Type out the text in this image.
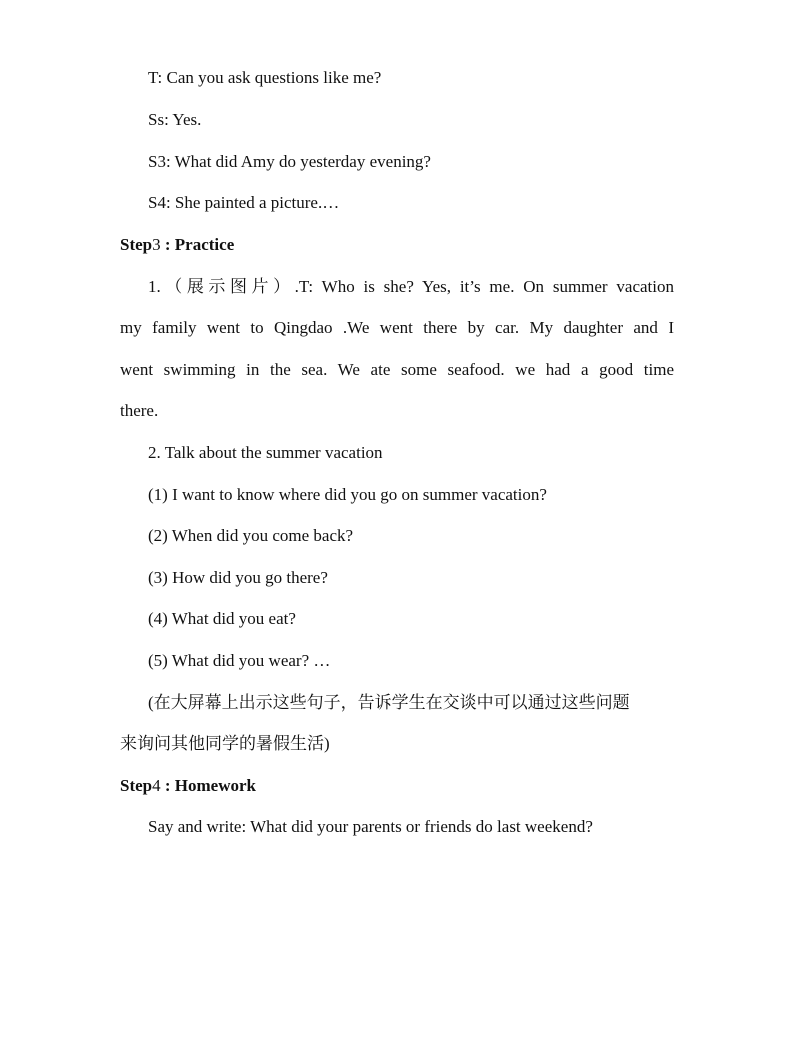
T: Can you ask questions like me?
Ss: Yes.
S3: What did Amy do yesterday evening?
S4: She painted a picture.…
Step3 : Practice
1.（展示图片）.T: Who is she? Yes, it’s me. On summer vacation
my family went to Qingdao .We went there by car. My daughter and I
went swimming in the sea. We ate some seafood. we had a good time
there.
2. Talk about the summer vacation
(1) I want to know where did you go on summer vacation?
(2) When did you come back?
(3) How did you go there?
(4) What did you eat?
(5) What did you wear? …
(在大屏幕上出示这些句子，告诉学生在交谈中可以通过这些问题
来询问其他同学的暑假生活)
Step4 : Homework
Say and write: What did your parents or friends do last weekend?
